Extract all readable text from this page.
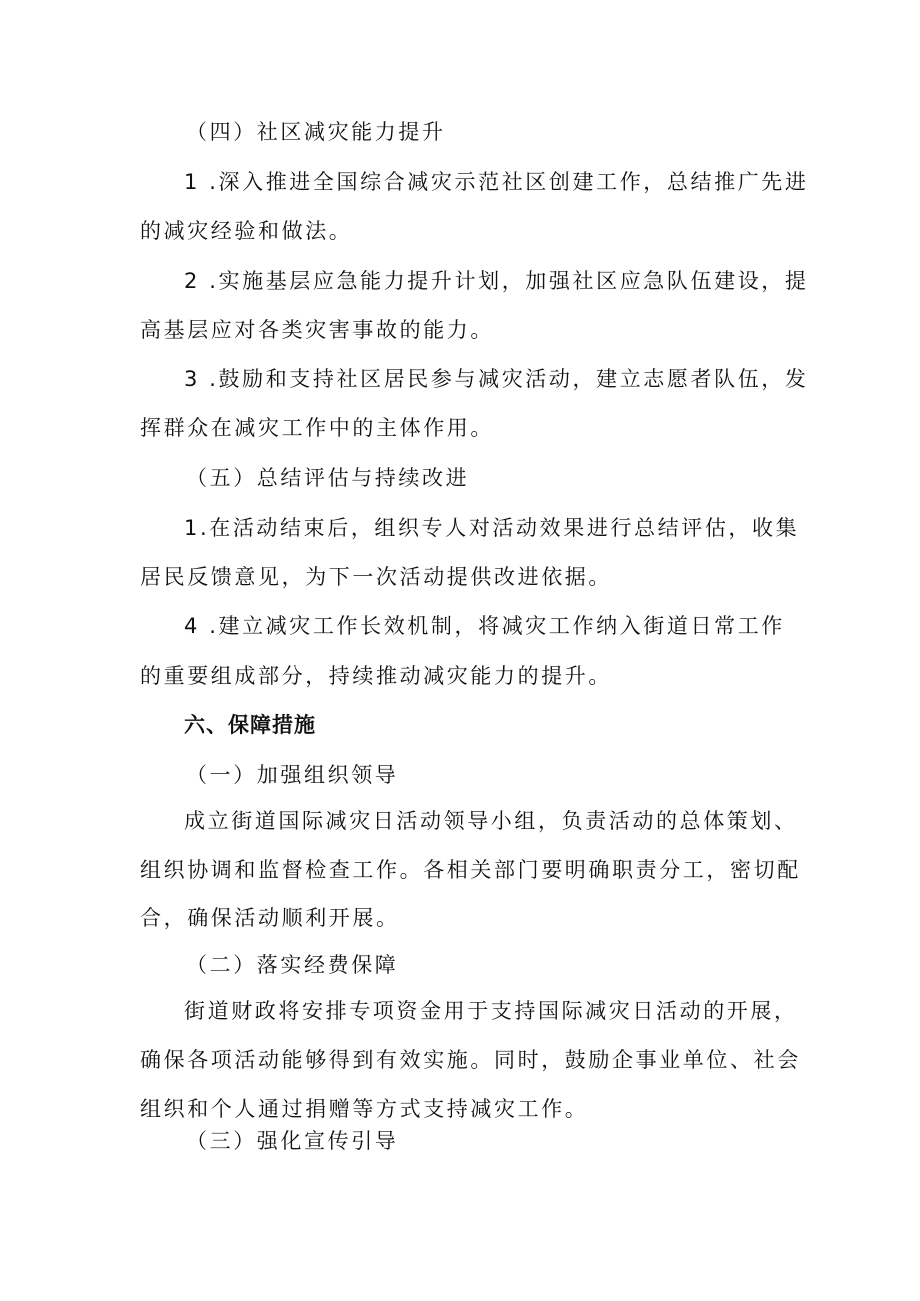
（四）社区减灾能力提升
1 .深入推进全国综合减灾示范社区创建工作，总结推广先进
的减灾经验和做法。
2 .实施基层应急能力提升计划，加强社区应急队伍建设，提
高基层应对各类灾害事故的能力。
3 .鼓励和支持社区居民参与减灾活动，建立志愿者队伍，发
挥群众在减灾工作中的主体作用。
（五）总结评估与持续改进
1.在活动结束后，组织专人对活动效果进行总结评估，收集
居民反馈意见，为下一次活动提供改进依据。
4 .建立减灾工作长效机制，将减灾工作纳入街道日常工作
的重要组成部分，持续推动减灾能力的提升。
六、保障措施
（一）加强组织领导
成立街道国际减灾日活动领导小组，负责活动的总体策划、
组织协调和监督检查工作。各相关部门要明确职责分工，密切配
合，确保活动顺利开展。
（二）落实经费保障
街道财政将安排专项资金用于支持国际减灾日活动的开展，
确保各项活动能够得到有效实施。同时，鼓励企事业单位、社会
组织和个人通过捐赠等方式支持减灾工作。
（三）强化宣传引导
